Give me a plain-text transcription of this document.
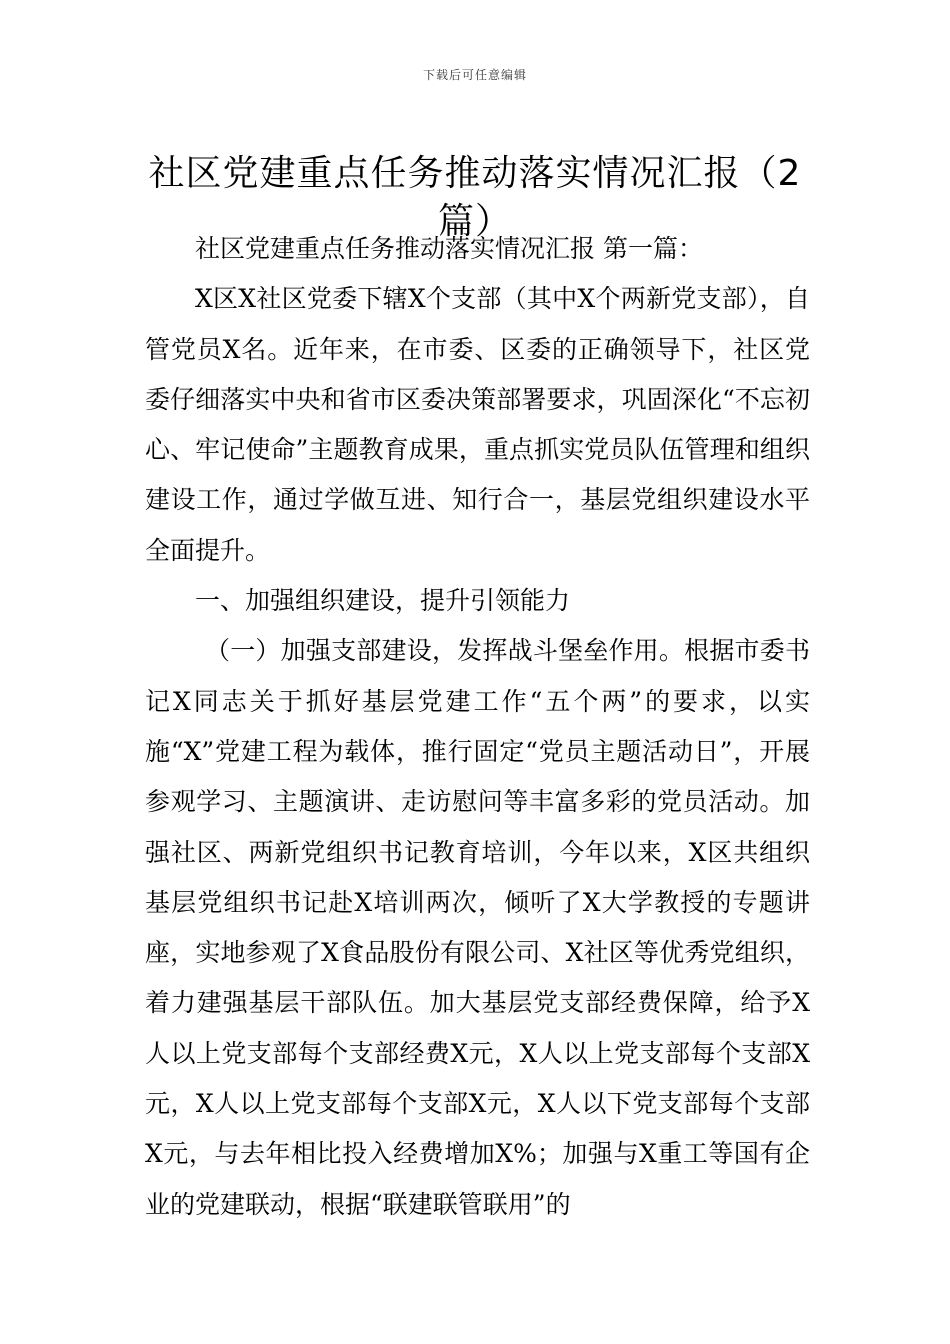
下载后可任意编辑
社区党建重点任务推动落实情况汇报（2篇）

社区党建重点任务推动落实情况汇报 第一篇：

X区X社区党委下辖X个支部（其中X个两新党支部），自管党员X名。近年来，在市委、区委的正确领导下，社区党委仔细落实中央和省市区委决策部署要求，巩固深化“不忘初心、牢记使命”主题教育成果，重点抓实党员队伍管理和组织建设工作，通过学做互进、知行合一，基层党组织建设水平全面提升。

一、加强组织建设，提升引领能力

（一）加强支部建设，发挥战斗堡垒作用。根据市委书记X同志关于抓好基层党建工作“五个两”的要求，以实施“X”党建工程为载体，推行固定“党员主题活动日”，开展参观学习、主题演讲、走访慰问等丰富多彩的党员活动。加强社区、两新党组织书记教育培训，今年以来，X区共组织基层党组织书记赴X培训两次，倾听了X大学教授的专题讲座，实地参观了X食品股份有限公司、X社区等优秀党组织，着力建强基层干部队伍。加大基层党支部经费保障，给予X人以上党支部每个支部经费X元，X人以上党支部每个支部X元，X人以上党支部每个支部X元，X人以下党支部每个支部X元，与去年相比投入经费增加X%；加强与X重工等国有企业的党建联动，根据“联建联管联用”的
